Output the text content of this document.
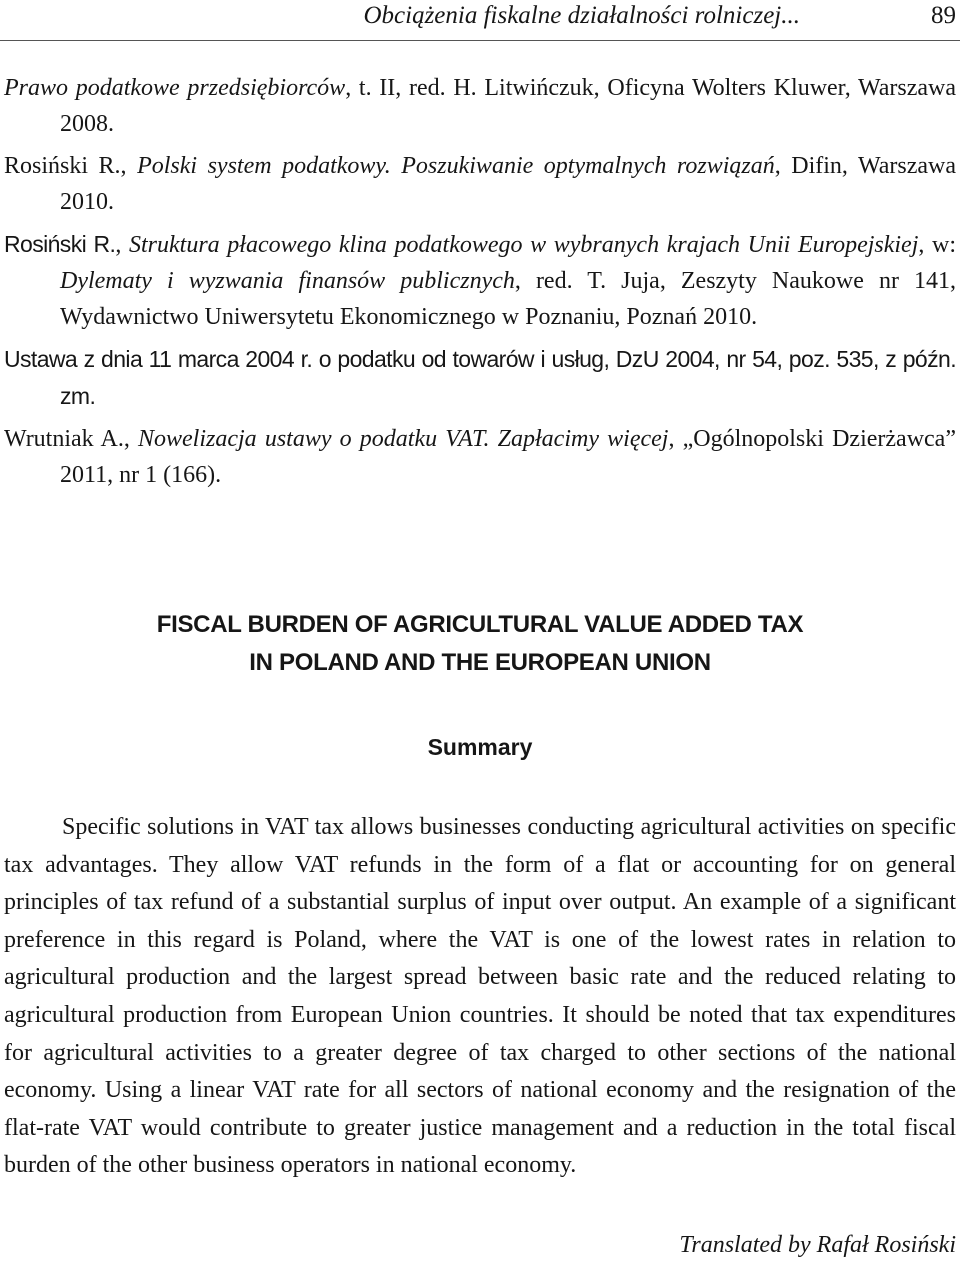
Obciążenia fiskalne działalności rolniczej...	89

Prawo podatkowe przedsiębiorców, t. II, red. H. Litwińczuk, Oficyna Wolters Kluwer, Warszawa 2008.

Rosiński R., Polski system podatkowy. Poszukiwanie optymalnych rozwiązań, Difin, Warszawa 2010.

Rosiński R., Struktura płacowego klina podatkowego w wybranych krajach Unii Europejskiej, w: Dylematy i wyzwania finansów publicznych, red. T. Juja, Zeszyty Naukowe nr 141, Wydawnictwo Uniwersytetu Ekonomicznego w Poznaniu, Poznań 2010.

Ustawa z dnia 11 marca 2004 r. o podatku od towarów i usług, DzU 2004, nr 54, poz. 535, z późn. zm.

Wrutniak A., Nowelizacja ustawy o podatku VAT. Zapłacimy więcej, „Ogólnopolski Dzierżawca” 2011, nr 1 (166).

FISCAL BURDEN OF AGRICULTURAL VALUE ADDED TAX
IN POLAND AND THE EUROPEAN UNION
Summary

Specific solutions in VAT tax allows businesses conducting agricultural activities on specific tax advantages. They allow VAT refunds in the form of a flat or accounting for on general principles of tax refund of a substantial surplus of input over output. An example of a significant preference in this regard is Poland, where the VAT is one of the lowest rates in relation to agricultural production and the largest spread between basic rate and the reduced relating to agricultural production from European Union countries. It should be noted that tax expenditures for agricultural activities to a greater degree of tax charged to other sections of the national economy. Using a linear VAT rate for all sectors of national economy and the resignation of the flat-rate VAT would contribute to greater justice management and a reduction in the total fiscal burden of the other business operators in national economy.

Translated by Rafał Rosiński
